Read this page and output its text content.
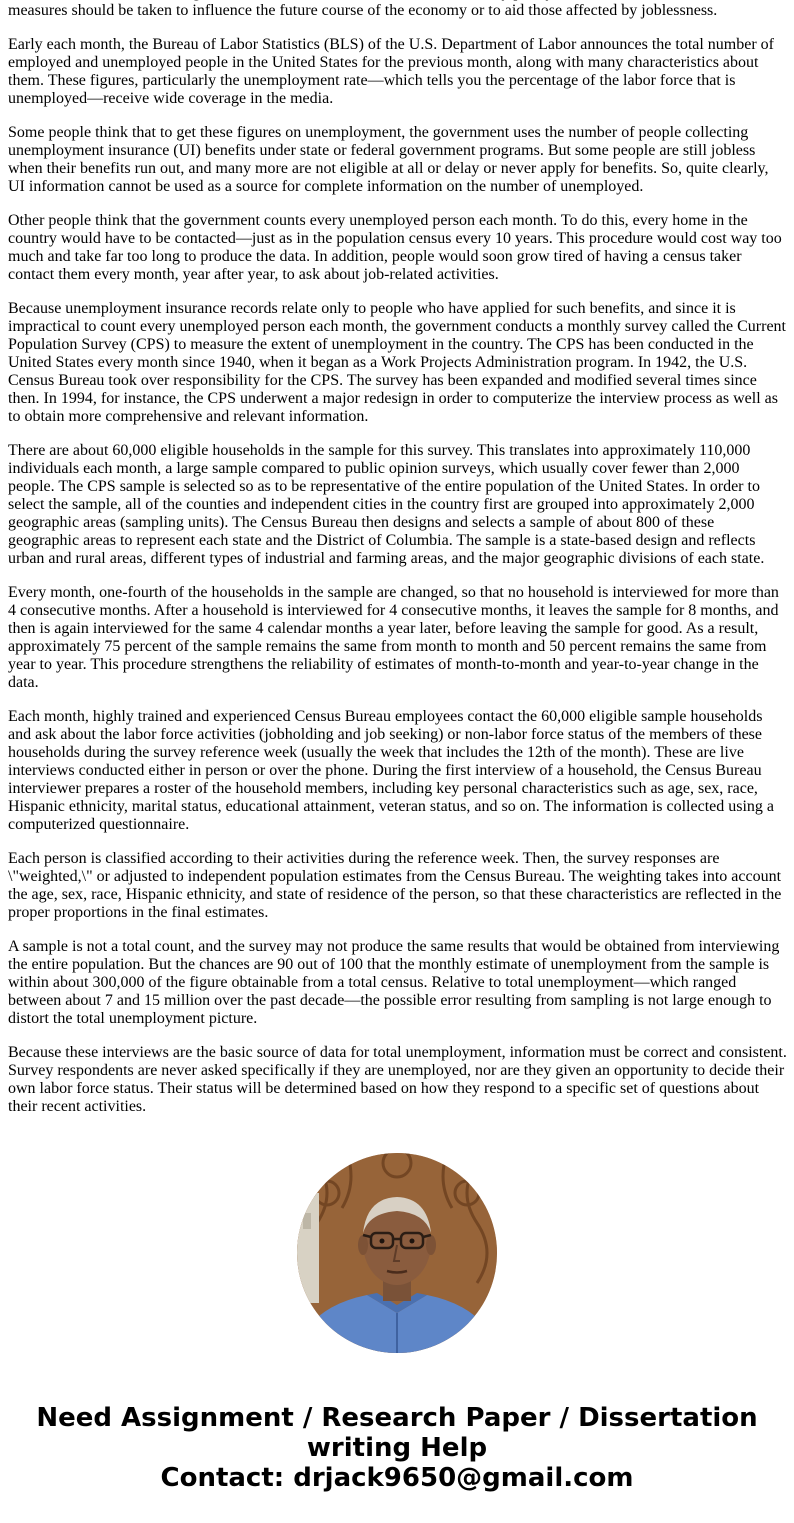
measures should be taken to influence the future course of the economy or to aid those affected by joblessness.

Early each month, the Bureau of Labor Statistics (BLS) of the U.S. Department of Labor announces the total number of employed and unemployed people in the United States for the previous month, along with many characteristics about them. These figures, particularly the unemployment rate—which tells you the percentage of the labor force that is unemployed—receive wide coverage in the media.

Some people think that to get these figures on unemployment, the government uses the number of people collecting unemployment insurance (UI) benefits under state or federal government programs. But some people are still jobless when their benefits run out, and many more are not eligible at all or delay or never apply for benefits. So, quite clearly, UI information cannot be used as a source for complete information on the number of unemployed.

Other people think that the government counts every unemployed person each month. To do this, every home in the country would have to be contacted—just as in the population census every 10 years. This procedure would cost way too much and take far too long to produce the data. In addition, people would soon grow tired of having a census taker contact them every month, year after year, to ask about job-related activities.

Because unemployment insurance records relate only to people who have applied for such benefits, and since it is impractical to count every unemployed person each month, the government conducts a monthly survey called the Current Population Survey (CPS) to measure the extent of unemployment in the country. The CPS has been conducted in the United States every month since 1940, when it began as a Work Projects Administration program. In 1942, the U.S. Census Bureau took over responsibility for the CPS. The survey has been expanded and modified several times since then. In 1994, for instance, the CPS underwent a major redesign in order to computerize the interview process as well as to obtain more comprehensive and relevant information.

There are about 60,000 eligible households in the sample for this survey. This translates into approximately 110,000 individuals each month, a large sample compared to public opinion surveys, which usually cover fewer than 2,000 people. The CPS sample is selected so as to be representative of the entire population of the United States. In order to select the sample, all of the counties and independent cities in the country first are grouped into approximately 2,000 geographic areas (sampling units). The Census Bureau then designs and selects a sample of about 800 of these geographic areas to represent each state and the District of Columbia. The sample is a state-based design and reflects urban and rural areas, different types of industrial and farming areas, and the major geographic divisions of each state.

Every month, one-fourth of the households in the sample are changed, so that no household is interviewed for more than 4 consecutive months. After a household is interviewed for 4 consecutive months, it leaves the sample for 8 months, and then is again interviewed for the same 4 calendar months a year later, before leaving the sample for good. As a result, approximately 75 percent of the sample remains the same from month to month and 50 percent remains the same from year to year. This procedure strengthens the reliability of estimates of month-to-month and year-to-year change in the data.

Each month, highly trained and experienced Census Bureau employees contact the 60,000 eligible sample households and ask about the labor force activities (jobholding and job seeking) or non-labor force status of the members of these households during the survey reference week (usually the week that includes the 12th of the month). These are live interviews conducted either in person or over the phone. During the first interview of a household, the Census Bureau interviewer prepares a roster of the household members, including key personal characteristics such as age, sex, race, Hispanic ethnicity, marital status, educational attainment, veteran status, and so on. The information is collected using a computerized questionnaire.

Each person is classified according to their activities during the reference week. Then, the survey responses are \"weighted,\" or adjusted to independent population estimates from the Census Bureau. The weighting takes into account the age, sex, race, Hispanic ethnicity, and state of residence of the person, so that these characteristics are reflected in the proper proportions in the final estimates.

A sample is not a total count, and the survey may not produce the same results that would be obtained from interviewing the entire population. But the chances are 90 out of 100 that the monthly estimate of unemployment from the sample is within about 300,000 of the figure obtainable from a total census. Relative to total unemployment—which ranged between about 7 and 15 million over the past decade—the possible error resulting from sampling is not large enough to distort the total unemployment picture.

Because these interviews are the basic source of data for total unemployment, information must be correct and consistent. Survey respondents are never asked specifically if they are unemployed, nor are they given an opportunity to decide their own labor force status. Their status will be determined based on how they respond to a specific set of questions about their recent activities.

Need Assignment / Research Paper / Dissertation
writing Help
Contact: drjack9650@gmail.com
